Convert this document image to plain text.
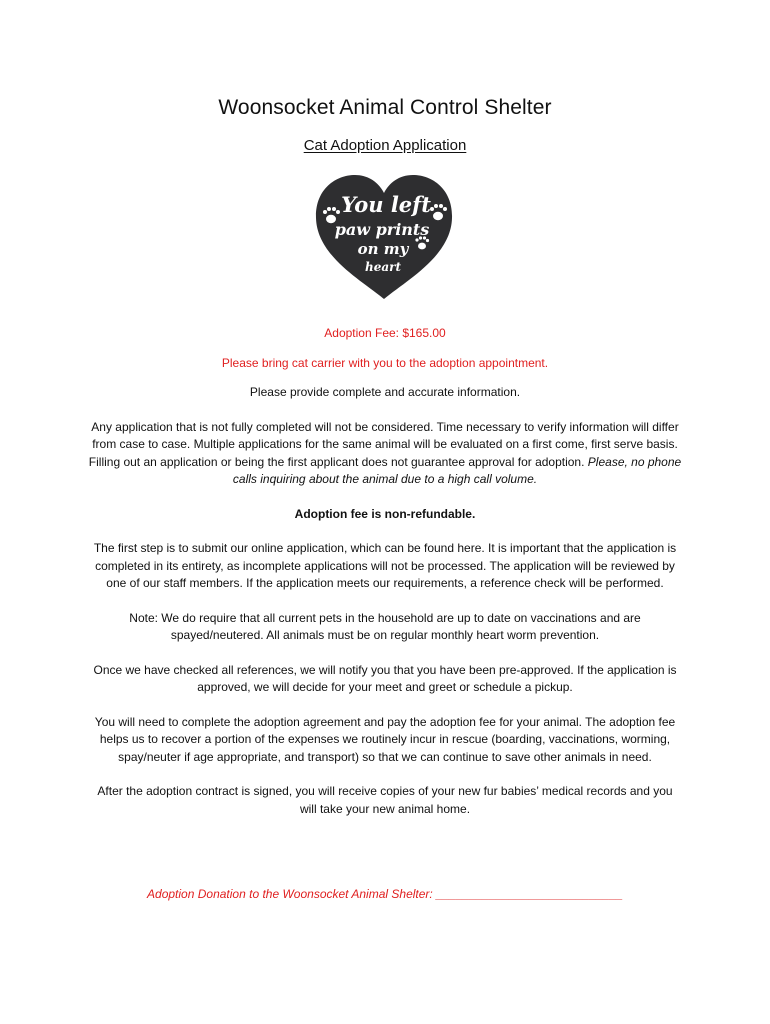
Woonsocket Animal Control Shelter
Cat Adoption Application
You left
paw prints
on my
heart

Adoption Fee: $165.00

Please bring cat carrier with you to the adoption appointment.

Please provide complete and accurate information.

Any application that is not fully completed will not be considered. Time necessary to verify information will differ from case to case. Multiple applications for the same animal will be evaluated on a first come, first serve basis. Filling out an application or being the first applicant does not guarantee approval for adoption. Please, no phone calls inquiring about the animal due to a high call volume.

Adoption fee is non-refundable.

The first step is to submit our online application, which can be found here. It is important that the application is completed in its entirety, as incomplete applications will not be processed. The application will be reviewed by one of our staff members. If the application meets our requirements, a reference check will be performed.

Note: We do require that all current pets in the household are up to date on vaccinations and are spayed/neutered. All animals must be on regular monthly heart worm prevention.

Once we have checked all references, we will notify you that you have been pre-approved. If the application is approved, we will decide for your meet and greet or schedule a pickup.

You will need to complete the adoption agreement and pay the adoption fee for your animal. The adoption fee helps us to recover a portion of the expenses we routinely incur in rescue (boarding, vaccinations, worming, spay/neuter if age appropriate, and transport) so that we can continue to save other animals in need.

After the adoption contract is signed, you will receive copies of your new fur babies’ medical records and you will take your new animal home.

Adoption Donation to the Woonsocket Animal Shelter: ____________________________
